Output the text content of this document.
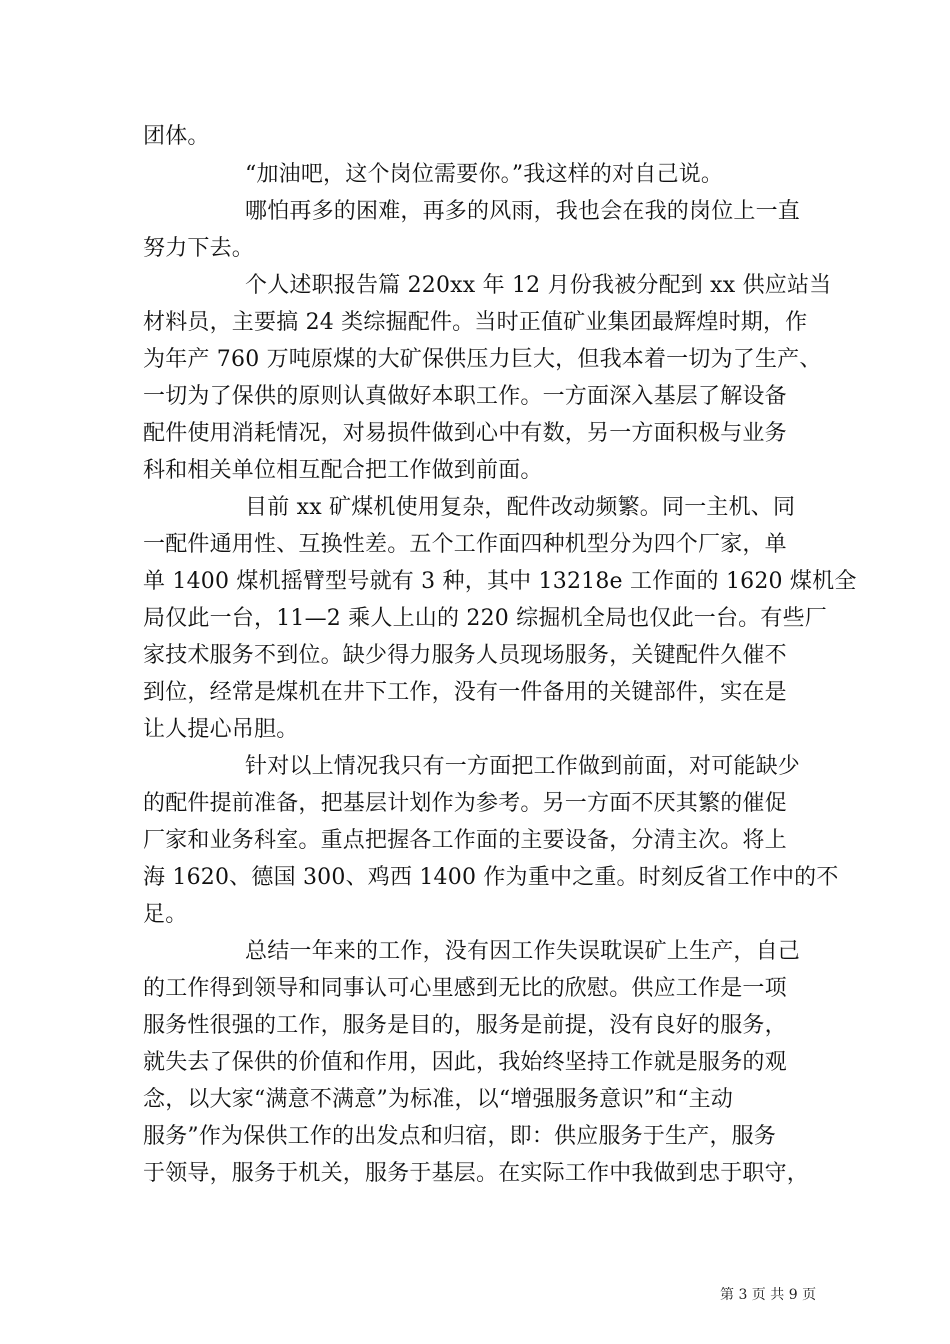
团体。
“加油吧，这个岗位需要你。”我这样的对自己说。
哪怕再多的困难，再多的风雨，我也会在我的岗位上一直
努力下去。
个人述职报告篇 220xx 年 12 月份我被分配到 xx 供应站当
材料员，主要搞 24 类综掘配件。当时正值矿业集团最辉煌时期，作
为年产 760 万吨原煤的大矿保供压力巨大，但我本着一切为了生产、
一切为了保供的原则认真做好本职工作。一方面深入基层了解设备
配件使用消耗情况，对易损件做到心中有数，另一方面积极与业务
科和相关单位相互配合把工作做到前面。
目前 xx 矿煤机使用复杂，配件改动频繁。同一主机、同
一配件通用性、互换性差。五个工作面四种机型分为四个厂家，单
单 1400 煤机摇臂型号就有 3 种，其中 13218e 工作面的 1620 煤机全
局仅此一台，11—2 乘人上山的 220 综掘机全局也仅此一台。有些厂
家技术服务不到位。缺少得力服务人员现场服务，关键配件久催不
到位，经常是煤机在井下工作，没有一件备用的关键部件，实在是
让人提心吊胆。
针对以上情况我只有一方面把工作做到前面，对可能缺少
的配件提前准备，把基层计划作为参考。另一方面不厌其繁的催促
厂家和业务科室。重点把握各工作面的主要设备，分清主次。将上
海 1620、德国 300、鸡西 1400 作为重中之重。时刻反省工作中的不
足。
总结一年来的工作，没有因工作失误耽误矿上生产，自己
的工作得到领导和同事认可心里感到无比的欣慰。供应工作是一项
服务性很强的工作，服务是目的，服务是前提，没有良好的服务，
就失去了保供的价值和作用，因此，我始终坚持工作就是服务的观
念，以大家“满意不满意”为标准，以“增强服务意识”和“主动
服务”作为保供工作的出发点和归宿，即：供应服务于生产，服务
于领导，服务于机关，服务于基层。在实际工作中我做到忠于职守，
第 3 页 共 9 页
